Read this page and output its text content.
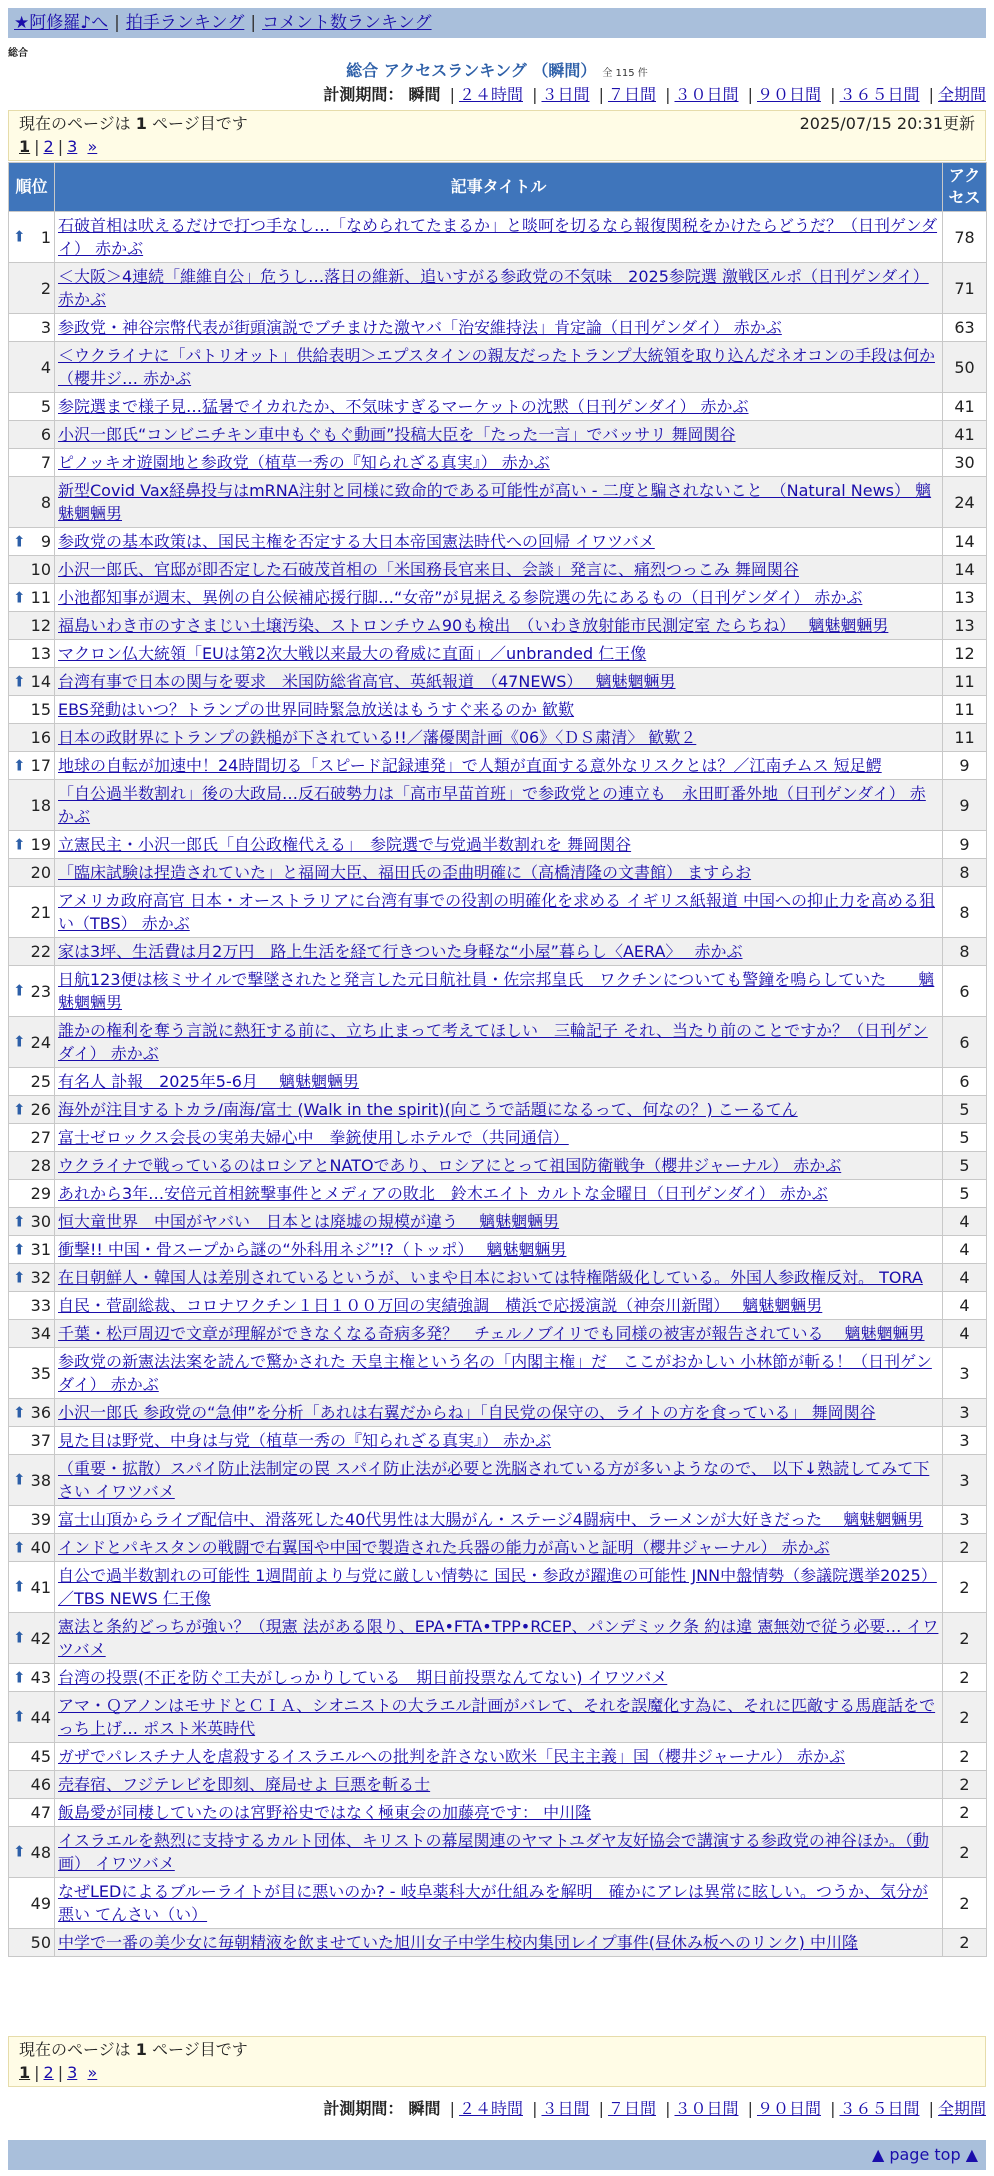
★阿修羅♪へ | 拍手ランキング | コメント数ランキング
総合
総合 アクセスランキング （瞬間） 全 115 件
計測期間： 瞬間 | ２４時間 | ３日間 | ７日間 | ３０日間 | ９０日間 | ３６５日間 | 全期間
現在のページは 1 ページ目です	2025/07/15 20:31更新
1 | 2 | 3 »
順位	記事タイトル	アクセス

⬆ 1	石破首相は吠えるだけで打つ手なし…「なめられてたまるか」と啖呵を切るなら報復関税をかけたらどうだ？（日刊ゲンダイ） 赤かぶ	78
2	＜大阪＞4連続「維維自公」危うし…落日の維新、追いすがる参政党の不気味　2025参院選 激戦区ルポ（日刊ゲンダイ） 赤かぶ	71
3	参政党・神谷宗幣代表が街頭演説でブチまけた激ヤバ「治安維持法」肯定論（日刊ゲンダイ） 赤かぶ	63
4	＜ウクライナに「パトリオット」供給表明＞エプスタインの親友だったトランプ大統領を取り込んだネオコンの手段は何か（櫻井ジ… 赤かぶ	50
5	参院選まで様子見…猛暑でイカれたか、不気味すぎるマーケットの沈黙（日刊ゲンダイ） 赤かぶ	41
6	小沢一郎氏“コンビニチキン車中もぐもぐ動画”投稿大臣を「たった一言」でバッサリ 舞岡関谷	41
7	ピノッキオ遊園地と参政党（植草一秀の『知られざる真実』） 赤かぶ	30
8	新型Covid Vax経鼻投与はmRNA注射と同様に致命的である可能性が高い - 二度と騙されないこと　（Natural News） 魑魅魍魎男	24

⬆ 9	参政党の基本政策は、国民主権を否定する大日本帝国憲法時代への回帰 イワツバメ	14
10	小沢一郎氏、官邸が即否定した石破茂首相の「米国務長官来日、会談」発言に、痛烈つっこみ 舞岡関谷	14

⬆ 11	小池都知事が週末、異例の自公候補応援行脚…“女帝”が見据える参院選の先にあるもの（日刊ゲンダイ） 赤かぶ	13
12	福島いわき市のすさまじい土壌汚染、ストロンチウム90も検出　（いわき放射能市民測定室 たらちね）　 魑魅魍魎男	13
13	マクロン仏大統領「EUは第2次大戦以来最大の脅威に直面」／unbranded 仁王像	12

⬆ 14	台湾有事で日本の関与を要求　米国防総省高官、英紙報道　（47NEWS）　 魑魅魍魎男	11
15	EBS発動はいつ？トランプの世界同時緊急放送はもうすぐ来るのか 歓歎	11
16	日本の政財界にトランプの鉄槌が下されている!!／藩優関計画《06》〈ＤＳ粛清〉 歓歎２	11

⬆ 17	地球の自転が加速中！24時間切る「スピード記録連発」で人類が直面する意外なリスクとは？／江南チムス 短足鰐	9
18	「自公過半数割れ」後の大政局…反石破勢力は「高市早苗首班」で参政党との連立も　永田町番外地（日刊ゲンダイ） 赤かぶ	9

⬆ 19	立憲民主・小沢一郎氏「自公政権代える」　参院選で与党過半数割れを 舞岡関谷	9
20	「臨床試験は捏造されていた」と福岡大臣、福田氏の歪曲明確に（高橋清隆の文書館） ますらお	8
21	アメリカ政府高官 日本・オーストラリアに台湾有事での役割の明確化を求める イギリス紙報道 中国への抑止力を高める狙い（TBS） 赤かぶ	8
22	家は3坪、生活費は月2万円　路上生活を経て行きついた身軽な“小屋”暮らし〈AERA〉　 赤かぶ	8

⬆ 23	日航123便は核ミサイルで撃墜されたと発言した元日航社員・佐宗邦皇氏　ワクチンについても警鐘を鳴らしていた　　魑魅魍魎男	6

⬆ 24	誰かの権利を奪う言説に熱狂する前に、立ち止まって考えてほしい　三輪記子 それ、当たり前のことですか？（日刊ゲンダイ） 赤かぶ	6
25	有名人 訃報　2025年5-6月　 魑魅魍魎男	6

⬆ 26	海外が注目するトカラ/南海/富士 (Walk in the spirit)(向こうで話題になるって、何なの？) こーるてん	5
27	富士ゼロックス会長の実弟夫婦心中　拳銃使用しホテルで（共同通信）	5
28	ウクライナで戦っているのはロシアとNATOであり、ロシアにとって祖国防衛戦争（櫻井ジャーナル） 赤かぶ	5
29	あれから3年…安倍元首相銃撃事件とメディアの敗北　鈴木エイト カルトな金曜日（日刊ゲンダイ） 赤かぶ	5

⬆ 30	恒大童世界　中国がヤバい　日本とは廃墟の規模が違う　 魑魅魍魎男	4

⬆ 31	衝撃!! 中国・骨スープから謎の“外科用ネジ”!?（トッポ）　 魑魅魍魎男	4

⬆ 32	在日朝鮮人・韓国人は差別されているというが、いまや日本においては特権階級化している。外国人参政権反対。 TORA	4
33	自民・菅副総裁、コロナワクチン１日１００万回の実績強調　横浜で応援演説（神奈川新聞）　 魑魅魍魎男	4
34	千葉・松戸周辺で文章が理解ができなくなる奇病多発？　チェルノブイリでも同様の被害が報告されている　 魑魅魍魎男	4
35	参政党の新憲法法案を読んで驚かされた 天皇主権という名の「内閣主権」だ　ここがおかしい 小林節が斬る！（日刊ゲンダイ） 赤かぶ	3

⬆ 36	小沢一郎氏 参政党の“急伸”を分析「あれは右翼だからね」「自民党の保守の、ライトの方を食っている」 舞岡関谷	3
37	見た目は野党、中身は与党（植草一秀の『知られざる真実』） 赤かぶ	3

⬆ 38	（重要・拡散）スパイ防止法制定の罠 スパイ防止法が必要と洗脳されている方が多いようなので、 以下↓熟読してみて下さい イワツバメ	3
39	富士山頂からライブ配信中、滑落死した40代男性は大腸がん・ステージ4闘病中、ラーメンが大好きだった　 魑魅魍魎男	3

⬆ 40	インドとパキスタンの戦闘で右翼国や中国で製造された兵器の能力が高いと証明（櫻井ジャーナル） 赤かぶ	2

⬆ 41	自公で過半数割れの可能性 1週間前より与党に厳しい情勢に 国民・参政が躍進の可能性 JNN中盤情勢（参議院選挙2025）／TBS NEWS 仁王像	2

⬆ 42	憲法と条約どっちが強い？（現憲 法がある限り、EPA•FTA•TPP•RCEP、パンデミック条 約は違 憲無効で従う必要… イワツバメ	2

⬆ 43	台湾の投票(不正を防ぐ工夫がしっかりしている　期日前投票なんてない) イワツバメ	2

⬆ 44	アマ・ＱアノンはモサドとＣＩＡ、シオニストの大ラエル計画がバレて、それを誤魔化す為に、それに匹敵する馬鹿話をでっち上げ… ポスト米英時代	2
45	ガザでパレスチナ人を虐殺するイスラエルへの批判を許さない欧米「民主主義」国（櫻井ジャーナル） 赤かぶ	2
46	売春宿、フジテレビを即刻、廃局せよ 巨悪を斬る士	2
47	飯島愛が同棲していたのは宮野裕史ではなく極東会の加藤亮です： 中川隆	2

⬆ 48	イスラエルを熱烈に支持するカルト団体、キリストの幕屋関連のヤマトユダヤ友好協会で講演する参政党の神谷ほか。（動画） イワツバメ	2
49	なぜLEDによるブルーライトが目に悪いのか? - 岐阜薬科大が仕組みを解明　確かにアレは異常に眩しい。つうか、気分が悪い てんさい（い）	2
50	中学で一番の美少女に毎朝精液を飲ませていた旭川女子中学生校内集団レイプ事件(昼休み板へのリンク) 中川隆	2
現在のページは 1 ページ目です
1 | 2 | 3 »
計測期間： 瞬間 | ２４時間 | ３日間 | ７日間 | ３０日間 | ９０日間 | ３６５日間 | 全期間
▲ page top ▲
